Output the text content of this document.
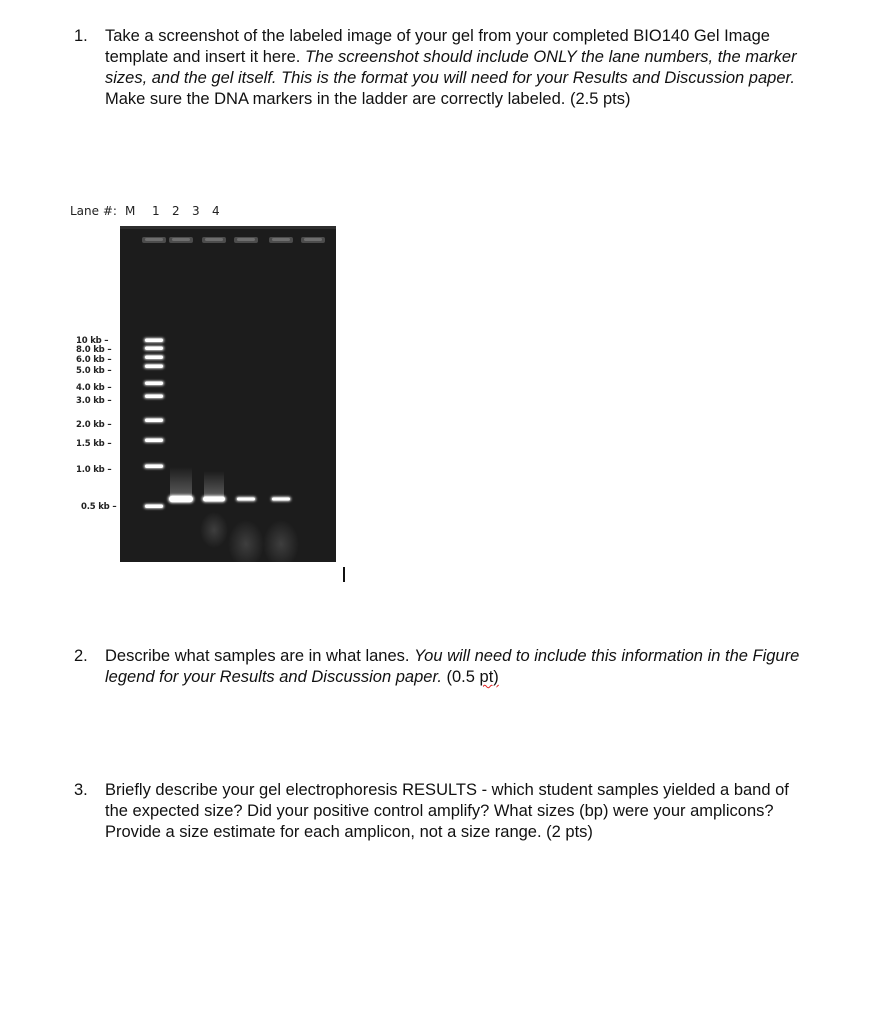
1. Take a screenshot of the labeled image of your gel from your completed BIO140 Gel Image template and insert it here. The screenshot should include ONLY the lane numbers, the marker sizes, and the gel itself. This is the format you will need for your Results and Discussion paper. Make sure the DNA markers in the ladder are correctly labeled. (2.5 pts)
Lane #: M 1 2 3 4
10 kb –
8.0 kb –
6.0 kb –
5.0 kb –
4.0 kb –
3.0 kb –
2.0 kb –
1.5 kb –
1.0 kb –
0.5 kb –
2. Describe what samples are in what lanes. You will need to include this information in the Figure legend for your Results and Discussion paper. (0.5 pt)
3. Briefly describe your gel electrophoresis RESULTS - which student samples yielded a band of the expected size? Did your positive control amplify? What sizes (bp) were your amplicons? Provide a size estimate for each amplicon, not a size range. (2 pts)
